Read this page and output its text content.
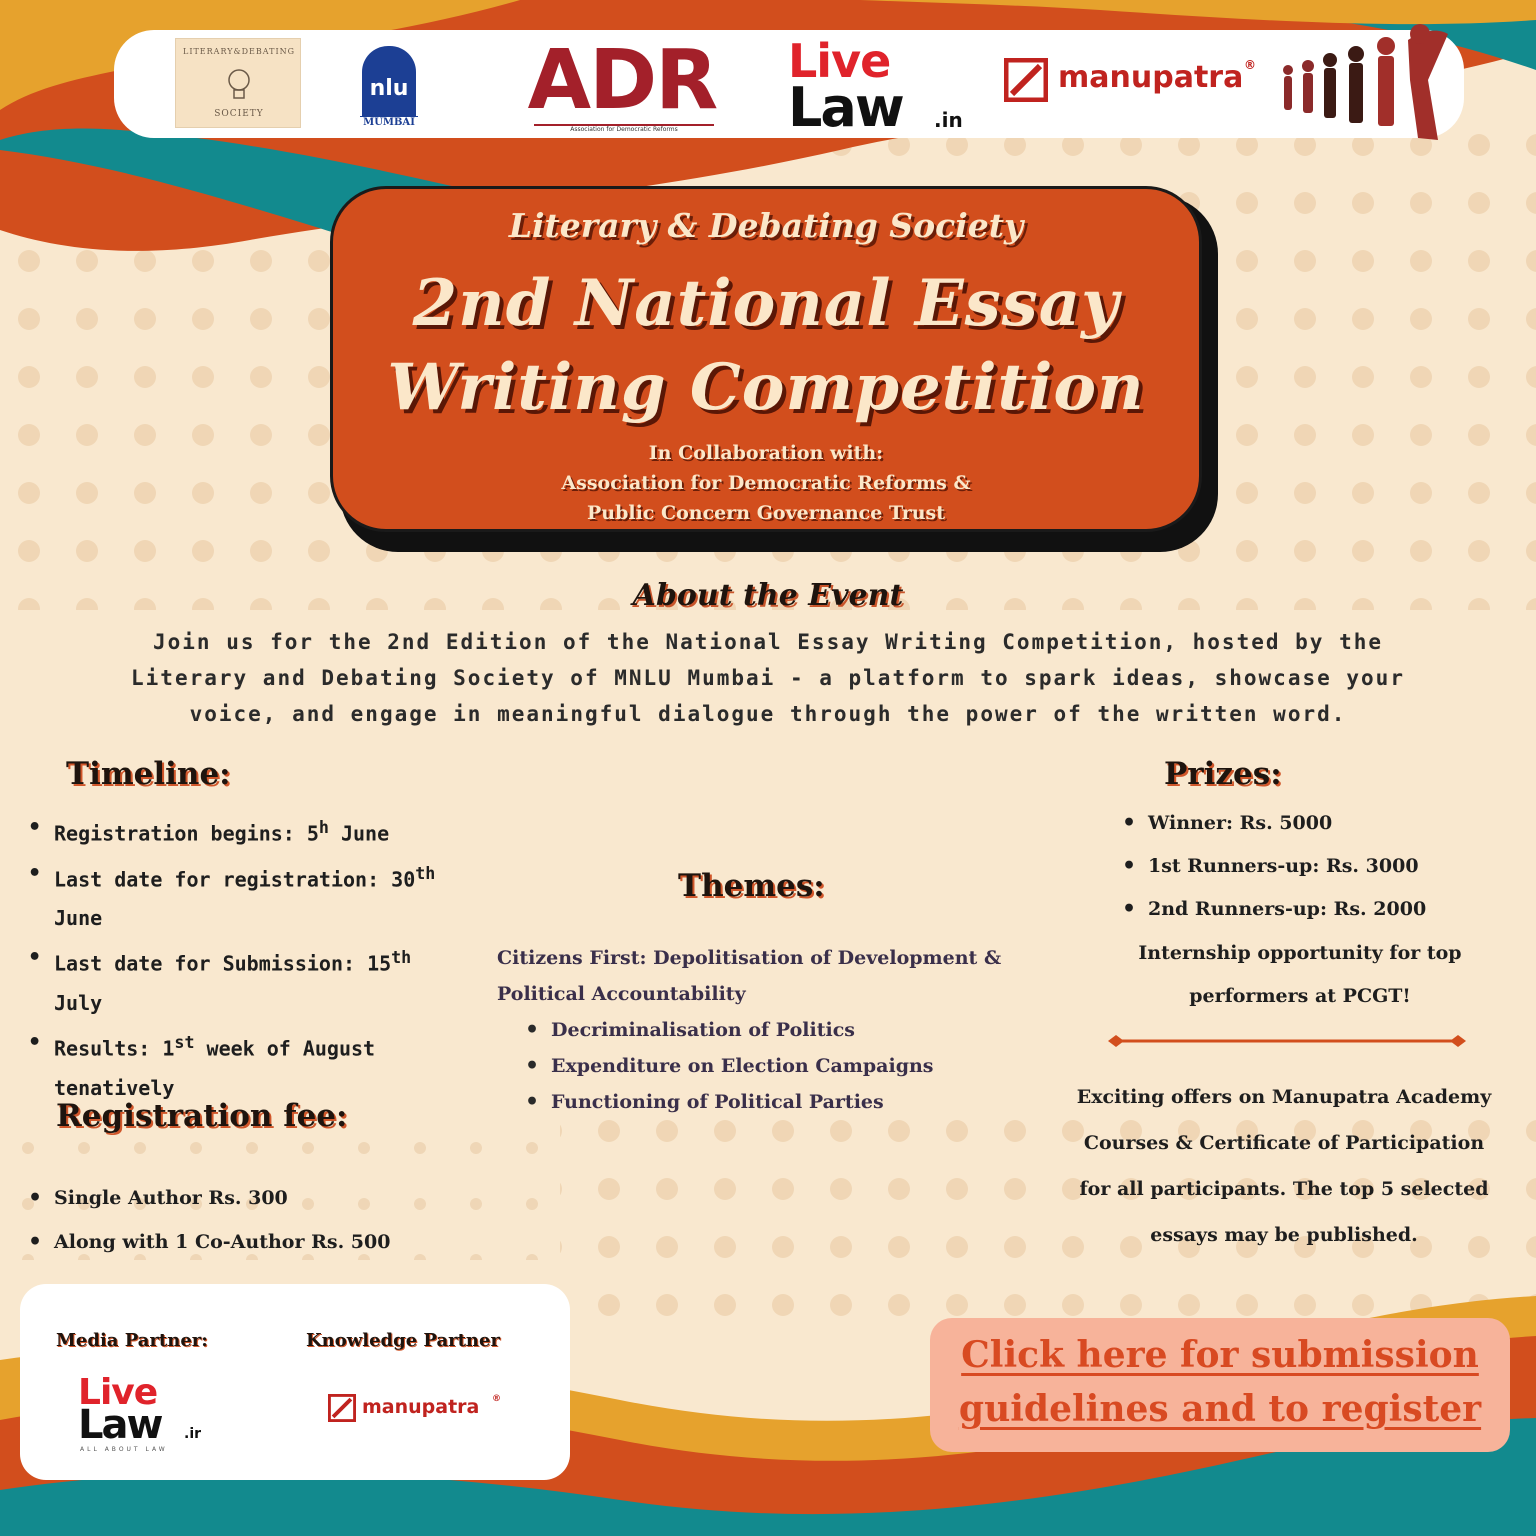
LITERARY&DEBATING
SOCIETY
nlu
MUMBAI ADR
Association for Democratic Reforms
Live
Law .in
manupatra ®
Literary & Debating Society
2nd National Essay
Writing Competition
In Collaboration with:
Association for Democratic Reforms &
Public Concern Governance Trust
About the Event
Join us for the 2nd Edition of the National Essay Writing Competition, hosted by the Literary and Debating Society of MNLU Mumbai - a platform to spark ideas, showcase your voice, and engage in meaningful dialogue through the power of the written word.
Timeline:
• Registration begins: 5$^h$ June
• Last date for registration: 30th June
• Last date for Submission: 15th July
• Results: 1st week of August tenatively
Registration fee:
• Single Author Rs. 300
• Along with 1 Co-Author Rs. 500
Themes:
Citizens First: Depolitisation of Development & Political Accountability
• Decriminalisation of Politics
• Expenditure on Election Campaigns
• Functioning of Political Parties
Prizes:
• Winner: Rs. 5000
• 1st Runners-up: Rs. 3000
• 2nd Runners-up: Rs. 2000
Internship opportunity for top performers at PCGT!
Exciting offers on Manupatra Academy Courses & Certificate of Participation for all participants. The top 5 selected essays may be published.
Media Partner:	Knowledge Partner
Live
Law .ir
ALL ABOUT LAW
manupatra ®
Click here for submission
guidelines and to register
